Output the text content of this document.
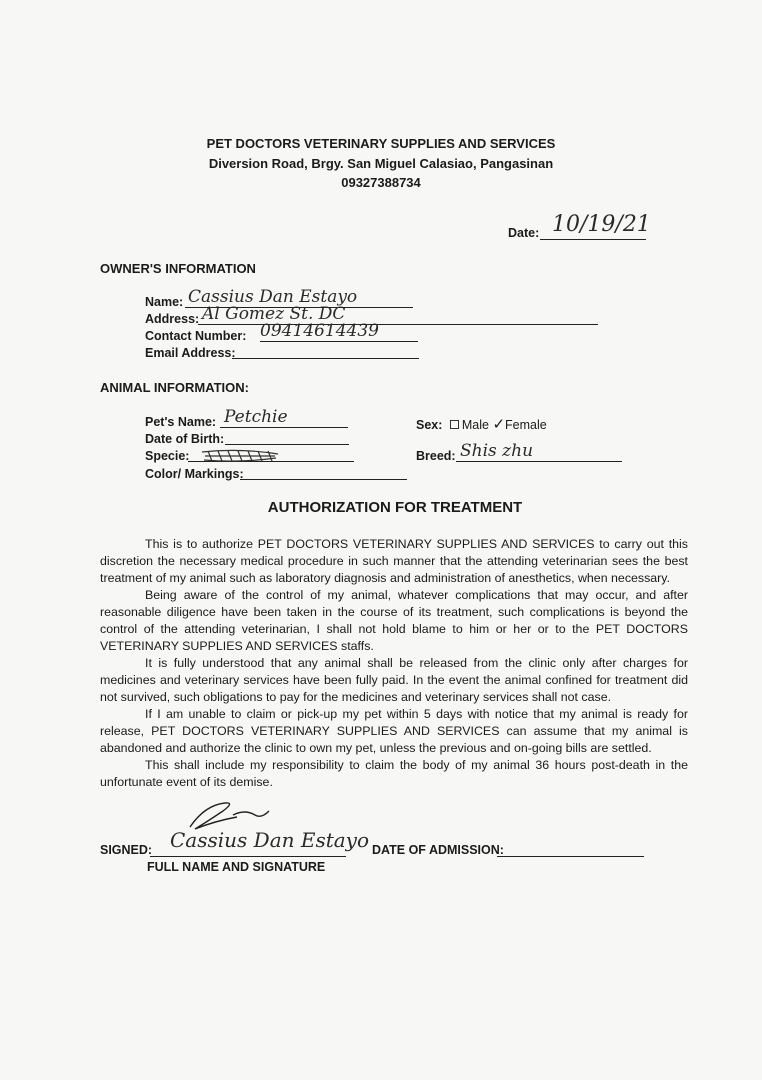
PET DOCTORS VETERINARY SUPPLIES AND SERVICES
Diversion Road, Brgy. San Miguel Calasiao, Pangasinan
09327388734
Date: 10/19/21
OWNER'S INFORMATION
Name: Cassius Dan Estayo
Address: Al Gomez St. DC
Contact Number: 09414614439
Email Address:
ANIMAL INFORMATION:
Pet's Name: Petchie
Date of Birth:
Specie:
Color/ Markings:
Sex: Male ✓Female
Breed: Shis zhu
AUTHORIZATION FOR TREATMENT

This is to authorize PET DOCTORS VETERINARY SUPPLIES AND SERVICES to carry out this discretion the necessary medical procedure in such manner that the attending veterinarian sees the best treatment of my animal such as laboratory diagnosis and administration of anesthetics, when necessary.

Being aware of the control of my animal, whatever complications that may occur, and after reasonable diligence have been taken in the course of its treatment, such complications is beyond the control of the attending veterinarian, I shall not hold blame to him or her or to the PET DOCTORS VETERINARY SUPPLIES AND SERVICES staffs.

It is fully understood that any animal shall be released from the clinic only after charges for medicines and veterinary services have been fully paid. In the event the animal confined for treatment did not survived, such obligations to pay for the medicines and veterinary services shall not case.

If I am unable to claim or pick-up my pet within 5 days with notice that my animal is ready for release, PET DOCTORS VETERINARY SUPPLIES AND SERVICES can assume that my animal is abandoned and authorize the clinic to own my pet, unless the previous and on-going bills are settled.

This shall include my responsibility to claim the body of my animal 36 hours post-death in the unfortunate event of its demise.

SIGNED: Cassius Dan Estayo
FULL NAME AND SIGNATURE
DATE OF ADMISSION:
